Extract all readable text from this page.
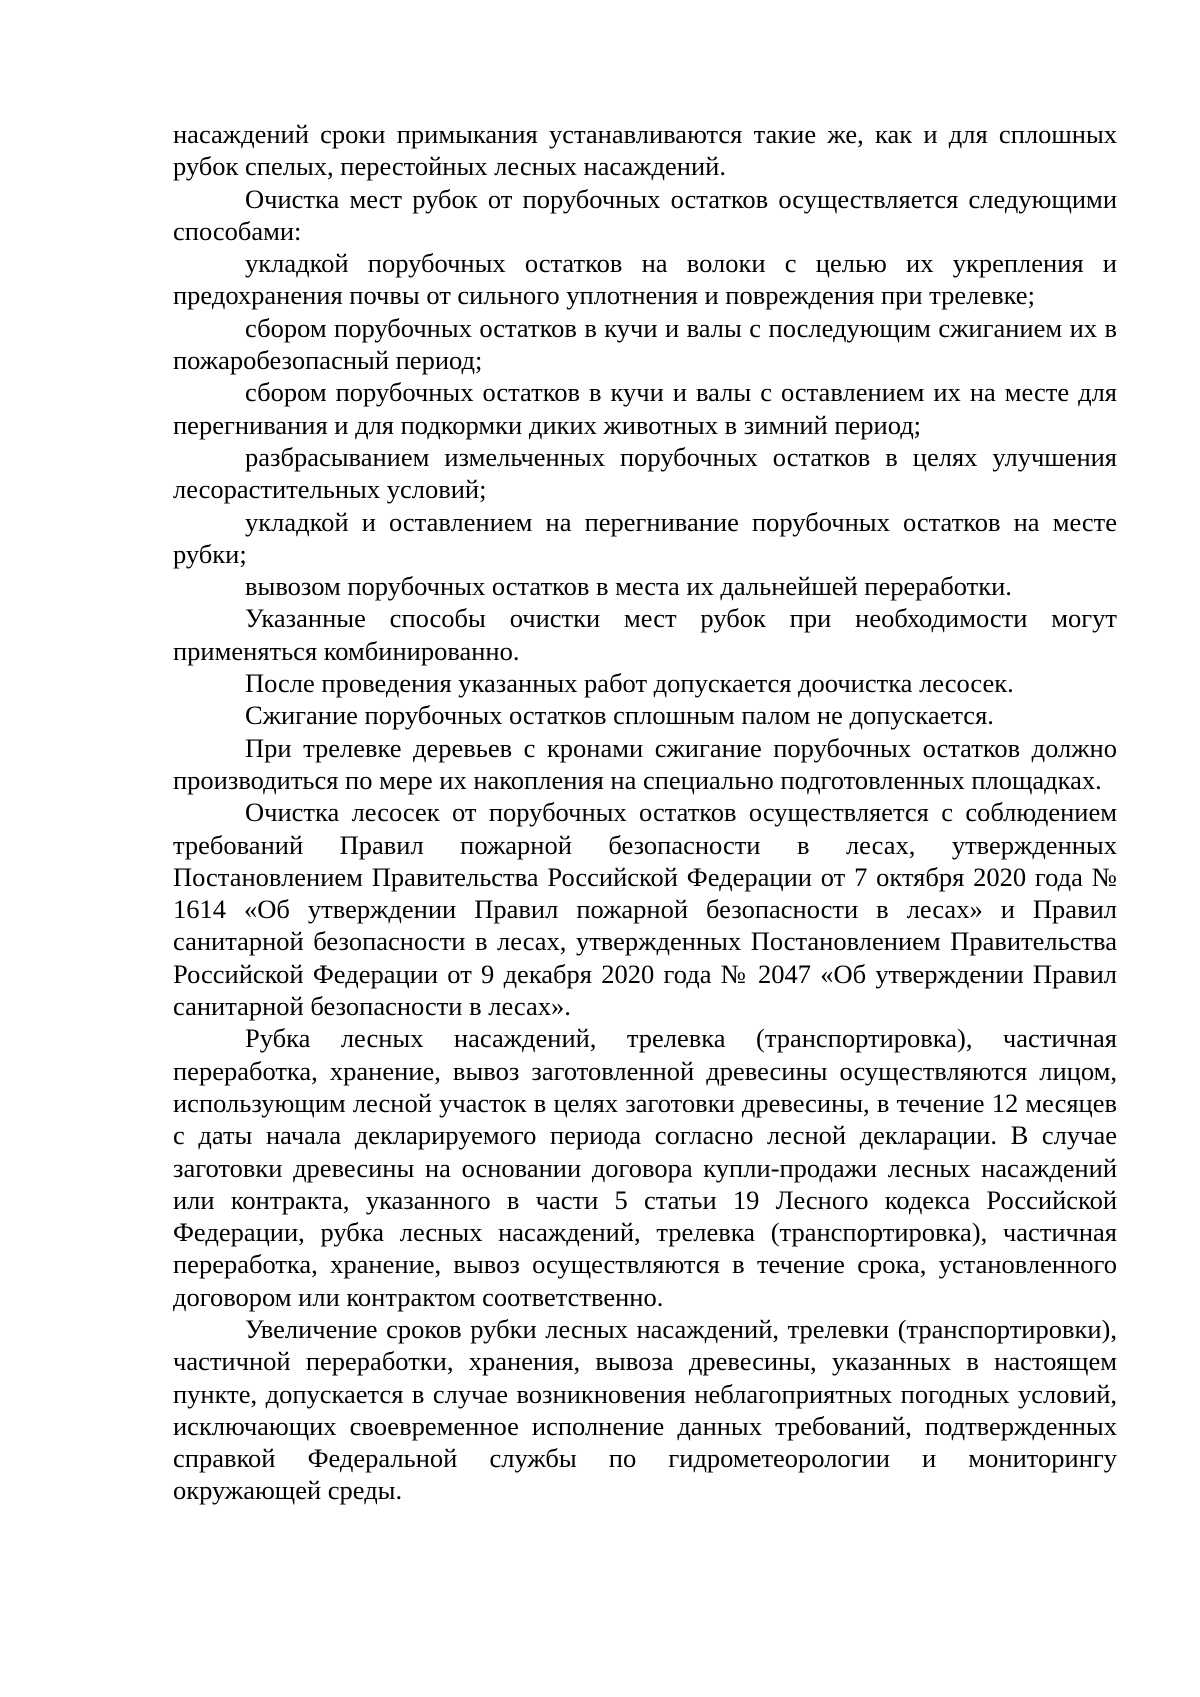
насаждений сроки примыкания устанавливаются такие же, как и для сплошных рубок спелых, перестойных лесных насаждений.

Очистка мест рубок от порубочных остатков осуществляется следующими способами:

укладкой порубочных остатков на волоки с целью их укрепления и предохранения почвы от сильного уплотнения и повреждения при трелевке;

сбором порубочных остатков в кучи и валы с последующим сжиганием их в пожаробезопасный период;

сбором порубочных остатков в кучи и валы с оставлением их на месте для перегнивания и для подкормки диких животных в зимний период;

разбрасыванием измельченных порубочных остатков в целях улучшения лесорастительных условий;

укладкой и оставлением на перегнивание порубочных остатков на месте рубки;

вывозом порубочных остатков в места их дальнейшей переработки.

Указанные способы очистки мест рубок при необходимости могут применяться комбинированно.

После проведения указанных работ допускается доочистка лесосек.

Сжигание порубочных остатков сплошным палом не допускается.

При трелевке деревьев с кронами сжигание порубочных остатков должно производиться по мере их накопления на специально подготовленных площадках.

Очистка лесосек от порубочных остатков осуществляется с соблюдением требований Правил пожарной безопасности в лесах, утвержденных Постановлением Правительства Российской Федерации от 7 октября 2020 года № 1614 «Об утверждении Правил пожарной безопасности в лесах» и Правил санитарной безопасности в лесах, утвержденных Постановлением Правительства Российской Федерации от 9 декабря 2020 года № 2047 «Об утверждении Правил санитарной безопасности в лесах».

Рубка лесных насаждений, трелевка (транспортировка), частичная переработка, хранение, вывоз заготовленной древесины осуществляются лицом, использующим лесной участок в целях заготовки древесины, в течение 12 месяцев с даты начала декларируемого периода согласно лесной декларации. В случае заготовки древесины на основании договора купли-продажи лесных насаждений или контракта, указанного в части 5 статьи 19 Лесного кодекса Российской Федерации, рубка лесных насаждений, трелевка (транспортировка), частичная переработка, хранение, вывоз осуществляются в течение срока, установленного договором или контрактом соответственно.

Увеличение сроков рубки лесных насаждений, трелевки (транспортировки), частичной переработки, хранения, вывоза древесины, указанных в настоящем пункте, допускается в случае возникновения неблагоприятных погодных условий, исключающих своевременное исполнение данных требований, подтвержденных справкой Федеральной службы по гидрометеорологии и мониторингу окружающей среды.
